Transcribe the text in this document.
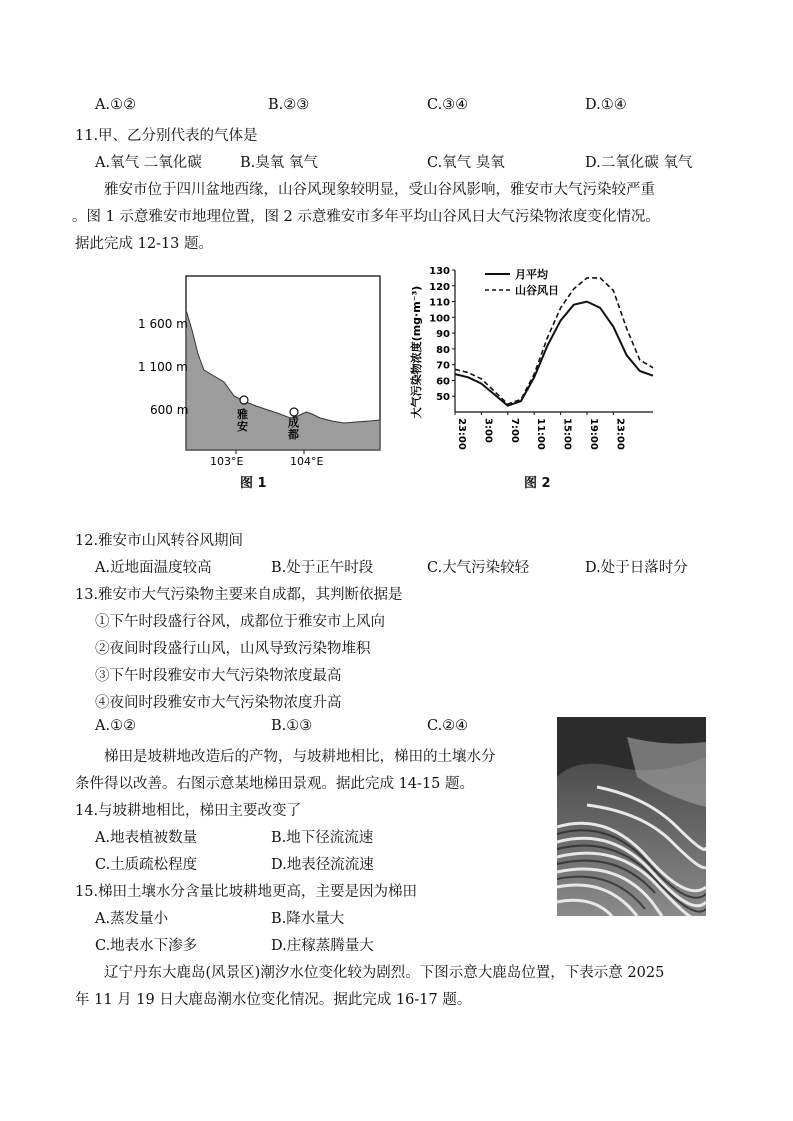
A.①②	B.②③	C.③④	D.①④
11.甲、乙分别代表的气体是
A.氧气 二氧化碳	B.臭氧 氧气	C.氧气 臭氧	D.二氧化碳 氧气
雅安市位于四川盆地西缘，山谷风现象较明显，受山谷风影响，雅安市大气污染较严重
。图 1 示意雅安市地理位置，图 2 示意雅安市多年平均山谷风日大气污染物浓度变化情况。
据此完成 12-13 题。
雅
安	成
都
1 600 m
1 100 m
600 m
103°E	104°E
图 1
50
60
70
80
90
100
110
120
130
23:00 3:00 7:00 11:00 15:00 19:00 23:00
月平均
山谷风日
大气污染物浓度(mg·m⁻³)
图 2
12.雅安市山风转谷风期间
A.近地面温度较高	B.处于正午时段	C.大气污染较轻	D.处于日落时分
13.雅安市大气污染物主要来自成都，其判断依据是
①下午时段盛行谷风，成都位于雅安市上风向
②夜间时段盛行山风，山风导致污染物堆积
③下午时段雅安市大气污染物浓度最高
④夜间时段雅安市大气污染物浓度升高
A.①②	B.①③	C.②④
梯田是坡耕地改造后的产物，与坡耕地相比，梯田的土壤水分
条件得以改善。右图示意某地梯田景观。据此完成 14-15 题。
14.与坡耕地相比，梯田主要改变了
A.地表植被数量	B.地下径流流速
C.土质疏松程度	D.地表径流流速
15.梯田土壤水分含量比坡耕地更高，主要是因为梯田
A.蒸发量小	B.降水量大
C.地表水下渗多	D.庄稼蒸腾量大
辽宁丹东大鹿岛(风景区)潮汐水位变化较为剧烈。下图示意大鹿岛位置，下表示意 2025
年 11 月 19 日大鹿岛潮水位变化情况。据此完成 16-17 题。
